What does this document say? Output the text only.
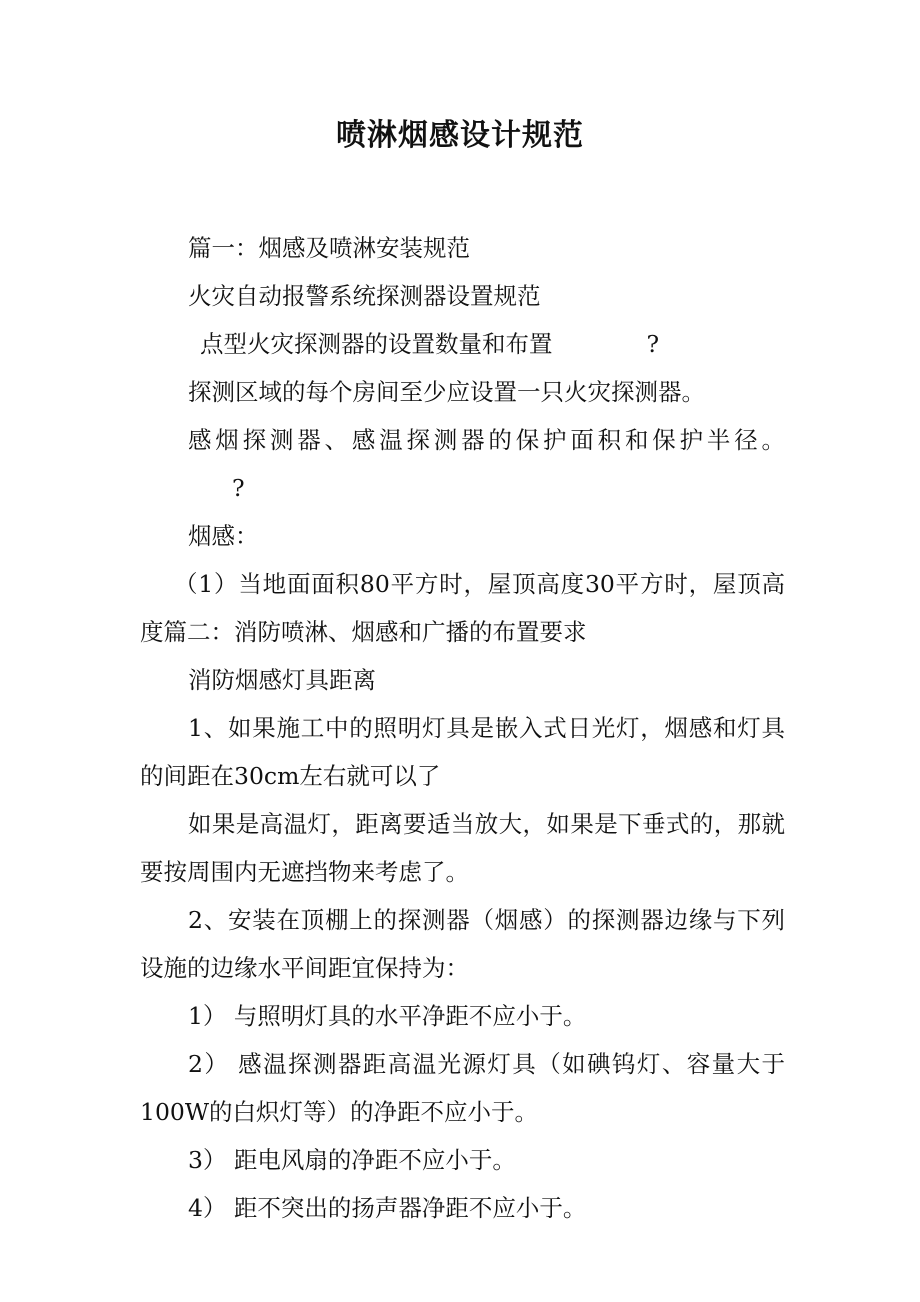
喷淋烟感设计规范

篇一：烟感及喷淋安装规范

火灾自动报警系统探测器设置规范

点型火灾探测器的设置数量和布置	?

探测区域的每个房间至少应设置一只火灾探测器。

感烟探测器、感温探测器的保护面积和保护半径。?

烟感：

（1）当地面面积80平方时，屋顶高度30平方时，屋顶高度篇二：消防喷淋、烟感和广播的布置要求

消防烟感灯具距离

1、如果施工中的照明灯具是嵌入式日光灯，烟感和灯具的间距在30cm左右就可以了

如果是高温灯，距离要适当放大，如果是下垂式的，那就要按周围内无遮挡物来考虑了。

2、安装在顶棚上的探测器（烟感）的探测器边缘与下列设施的边缘水平间距宜保持为：

1） 与照明灯具的水平净距不应小于。

2） 感温探测器距高温光源灯具（如碘钨灯、容量大于100W的白炽灯等）的净距不应小于。

3） 距电风扇的净距不应小于。

4） 距不突出的扬声器净距不应小于。
